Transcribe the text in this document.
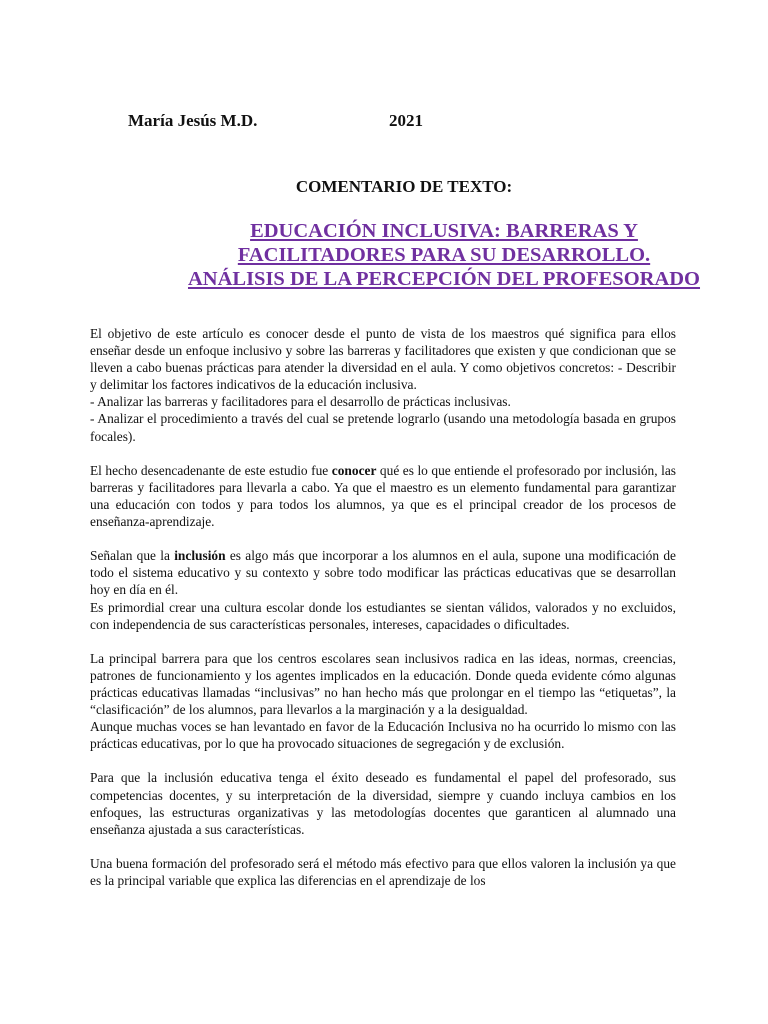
María Jesús M.D.	2021
COMENTARIO DE TEXTO:
EDUCACIÓN INCLUSIVA: BARRERAS Y
FACILITADORES PARA SU DESARROLLO.
ANÁLISIS DE LA PERCEPCIÓN DEL PROFESORADO

El objetivo de este artículo es conocer desde el punto de vista de los maestros qué significa para ellos enseñar desde un enfoque inclusivo y sobre las barreras y facilitadores que existen y que condicionan que se lleven a cabo buenas prácticas para atender la diversidad en el aula. Y como objetivos concretos: - Describir y delimitar los factores indicativos de la educación inclusiva.
- Analizar las barreras y facilitadores para el desarrollo de prácticas inclusivas.
- Analizar el procedimiento a través del cual se pretende lograrlo (usando una metodología basada en grupos focales).

El hecho desencadenante de este estudio fue conocer qué es lo que entiende el profesorado por inclusión, las barreras y facilitadores para llevarla a cabo. Ya que el maestro es un elemento fundamental para garantizar una educación con todos y para todos los alumnos, ya que es el principal creador de los procesos de enseñanza-aprendizaje.

Señalan que la inclusión es algo más que incorporar a los alumnos en el aula, supone una modificación de todo el sistema educativo y su contexto y sobre todo modificar las prácticas educativas que se desarrollan hoy en día en él.
Es primordial crear una cultura escolar donde los estudiantes se sientan válidos, valorados y no excluidos, con independencia de sus características personales, intereses, capacidades o dificultades.

La principal barrera para que los centros escolares sean inclusivos radica en las ideas, normas, creencias, patrones de funcionamiento y los agentes implicados en la educación. Donde queda evidente cómo algunas prácticas educativas llamadas “inclusivas” no han hecho más que prolongar en el tiempo las “etiquetas”, la “clasificación” de los alumnos, para llevarlos a la marginación y a la desigualdad.
Aunque muchas voces se han levantado en favor de la Educación Inclusiva no ha ocurrido lo mismo con las prácticas educativas, por lo que ha provocado situaciones de segregación y de exclusión.

Para que la inclusión educativa tenga el éxito deseado es fundamental el papel del profesorado, sus competencias docentes, y su interpretación de la diversidad, siempre y cuando incluya cambios en los enfoques, las estructuras organizativas y las metodologías docentes que garanticen al alumnado una enseñanza ajustada a sus características.

Una buena formación del profesorado será el método más efectivo para que ellos valoren la inclusión ya que es la principal variable que explica las diferencias en el aprendizaje de los
